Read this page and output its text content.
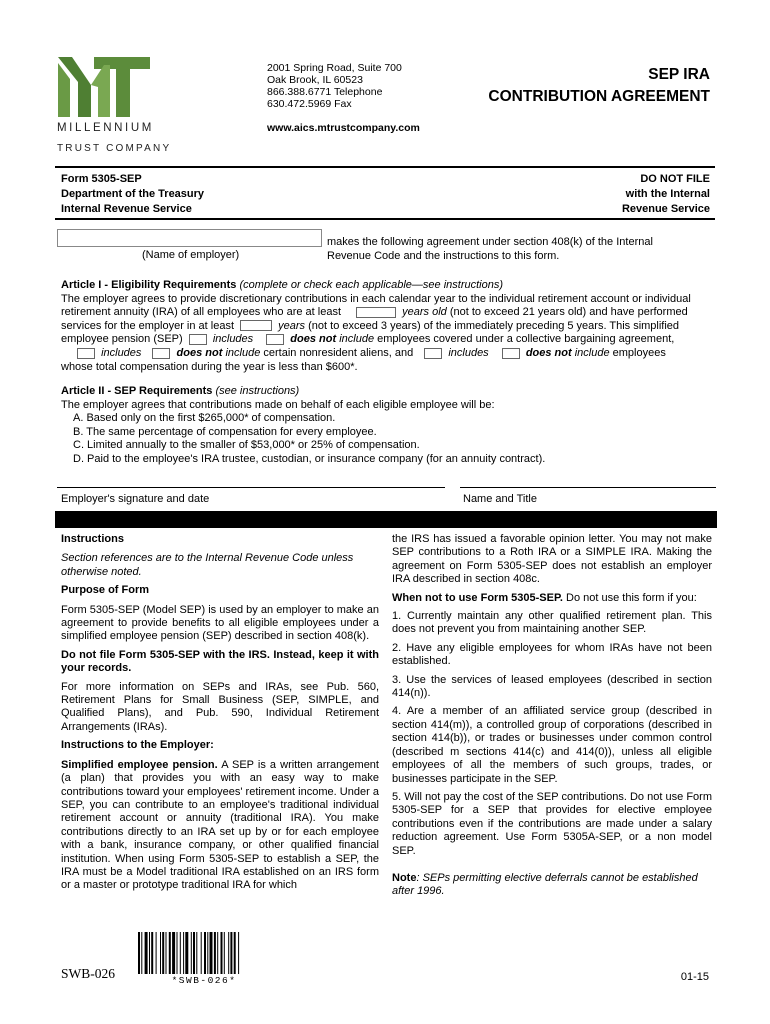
MILLENNIUM
TRUST COMPANY
2001 Spring Road, Suite 700
Oak Brook, IL 60523
866.388.6771 Telephone
630.472.5969 Fax
www.aics.mtrustcompany.com
SEP IRA
CONTRIBUTION AGREEMENT
Form 5305-SEP
Department of the Treasury
Internal Revenue Service
DO NOT FILE
with the Internal
Revenue Service
(Name of employer)
makes the following agreement under section 408(k) of the Internal
Revenue Code and the instructions to this form.
Article I - Eligibility Requirements (complete or check each applicable—see instructions)
The employer agrees to provide discretionary contributions in each calendar year to the individual retirement account or individual
retirement annuity (IRA) of all employees who are at least	years old (not to exceed 21 years old) and have performed
services for the employer in at least	years (not to exceed 3 years) of the immediately preceding 5 years. This simplified
employee pension (SEP)	includes	does not include employees covered under a collective bargaining agreement,
includes	does not include certain nonresident aliens, and	includes	does not include employees
whose total compensation during the year is less than $600*.
Article II - SEP Requirements (see instructions)
The employer agrees that contributions made on behalf of each eligible employee will be:
A. Based only on the first $265,000* of compensation.
B. The same percentage of compensation for every employee.
C. Limited annually to the smaller of $53,000* or 25% of compensation.
D. Paid to the employee's IRA trustee, custodian, or insurance company (for an annuity contract).
Employer's signature and date	Name and Title
Instructions

Section references are to the Internal Revenue Code unless otherwise noted.

Purpose of Form

Form 5305-SEP (Model SEP) is used by an employer to make an agreement to provide benefits to all eligible employees under a simplified employee pension (SEP) described in section 408(k).

Do not file Form 5305-SEP with the IRS. Instead, keep it with your records.

For more information on SEPs and IRAs, see Pub. 560, Retirement Plans for Small Business (SEP, SIMPLE, and Qualified Plans), and Pub. 590, Individual Retirement Arrangements (IRAs).

Instructions to the Employer:

Simplified employee pension. A SEP is a written arrangement (a plan) that provides you with an easy way to make contributions toward your employees' retirement income. Under a SEP, you can contribute to an employee's traditional individual retirement account or annuity (traditional IRA). You make contributions directly to an IRA set up by or for each employee with a bank, insurance company, or other qualified financial institution. When using Form 5305-SEP to establish a SEP, the IRA must be a Model traditional IRA established on an IRS form or a master or prototype traditional IRA for which

the IRS has issued a favorable opinion letter. You may not make SEP contributions to a Roth IRA or a SIMPLE IRA. Making the agreement on Form 5305-SEP does not establish an employer IRA described in section 408c.

When not to use Form 5305-SEP. Do not use this form if you:

1. Currently maintain any other qualified retirement plan. This does not prevent you from maintaining another SEP.

2. Have any eligible employees for whom IRAs have not been established.

3. Use the services of leased employees (described in section 414(n)).

4. Are a member of an affiliated service group (described in section 414(m)), a controlled group of corporations (described in section 414(b)), or trades or businesses under common control (described m sections 414(c) and 414(0)), unless all eligible employees of all the members of such groups, trades, or businesses participate in the SEP.

5. Will not pay the cost of the SEP contributions. Do not use Form 5305-SEP for a SEP that provides for elective employee contributions even if the contributions are made under a salary reduction agreement. Use Form 5305A-SEP, or a non model SEP.

Note: SEPs permitting elective deferrals cannot be established after 1996.

SWB-026	*SWB-026*	01-15
